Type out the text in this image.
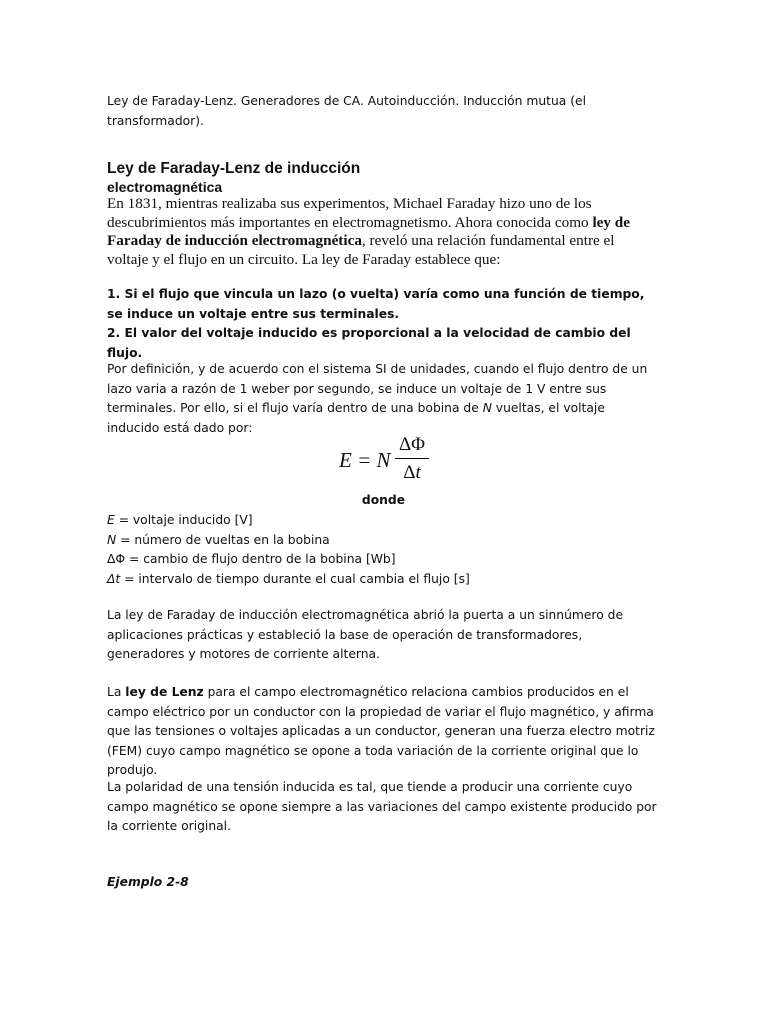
Ley de Faraday-Lenz. Generadores de CA. Autoinducción. Inducción mutua (el
transformador).

Ley de Faraday-Lenz de inducción
electromagnética

En 1831, mientras realizaba sus experimentos, Michael Faraday hizo uno de los descubrimientos más importantes en electromagnetismo. Ahora conocida como ley de Faraday de inducción electromagnética, reveló una relación fundamental entre el voltaje y el flujo en un circuito. La ley de Faraday establece que:

1. Si el flujo que vincula un lazo (o vuelta) varía como una función de tiempo, se induce un voltaje entre sus terminales.
2. El valor del voltaje inducido es proporcional a la velocidad de cambio del flujo.

Por definición, y de acuerdo con el sistema SI de unidades, cuando el flujo dentro de un lazo varia a razón de 1 weber por segundo, se induce un voltaje de 1 V entre sus terminales. Por ello, si el flujo varía dentro de una bobina de N vueltas, el voltaje inducido está dado por:

E = N
ΔΦ
Δt

donde

E = voltaje inducido [V]
N = número de vueltas en la bobina
ΔΦ = cambio de flujo dentro de la bobina [Wb]
Δt = intervalo de tiempo durante el cual cambia el flujo [s]

La ley de Faraday de inducción electromagnética abrió la puerta a un sinnúmero de aplicaciones prácticas y estableció la base de operación de transformadores, generadores y motores de corriente alterna.

La ley de Lenz para el campo electromagnético relaciona cambios producidos en el campo eléctrico por un conductor con la propiedad de variar el flujo magnético, y afirma que las tensiones o voltajes aplicadas a un conductor, generan una fuerza electro motriz (FEM) cuyo campo magnético se opone a toda variación de la corriente original que lo produjo.

La polaridad de una tensión inducida es tal, que tiende a producir una corriente cuyo campo magnético se opone siempre a las variaciones del campo existente producido por la corriente original.

Ejemplo 2-8
